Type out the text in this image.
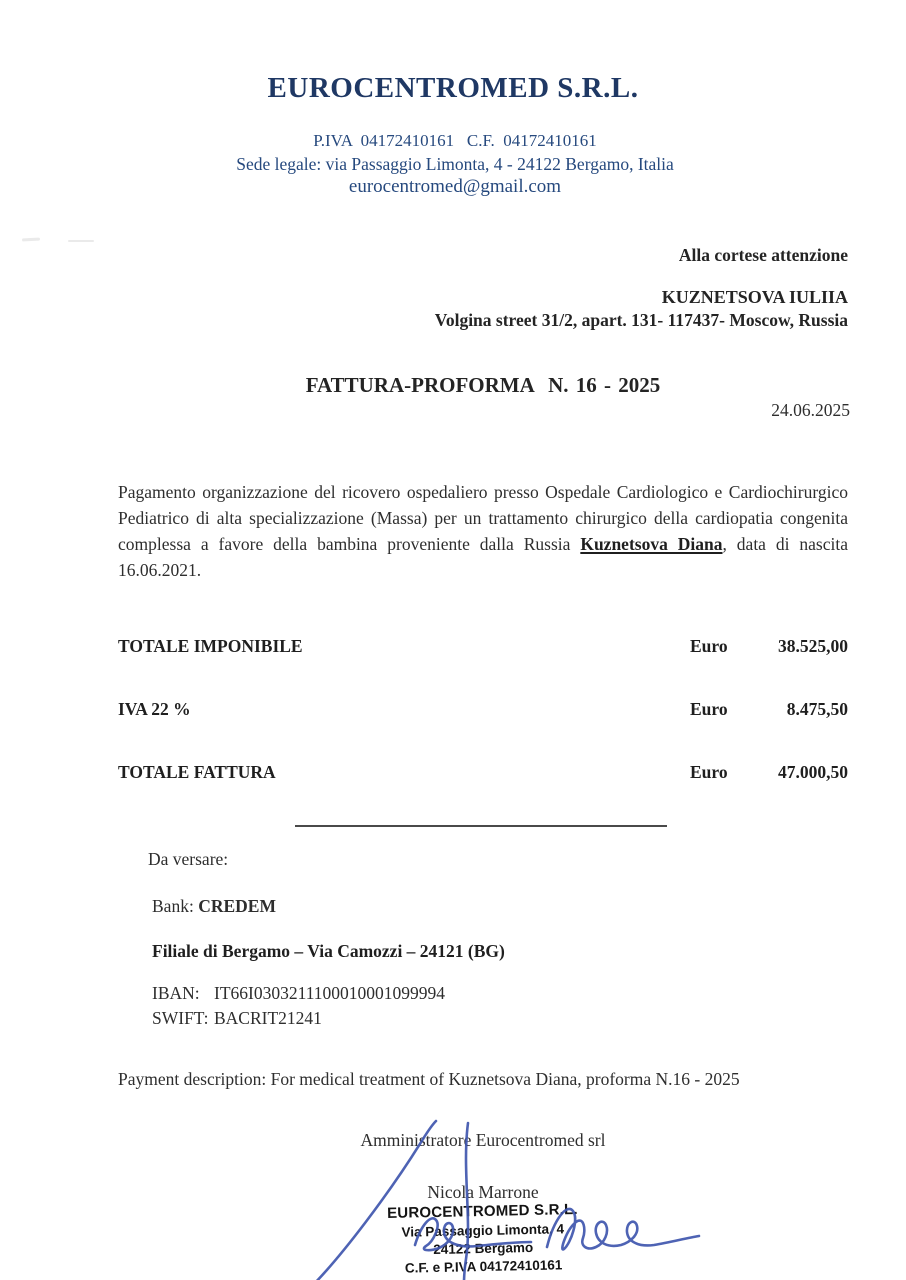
EUROCENTROMED S.R.L.
P.IVA  04172410161   C.F.  04172410161
Sede legale: via Passaggio Limonta, 4 - 24122 Bergamo, Italia
eurocentromed@gmail.com
Alla cortese attenzione
KUZNETSOVA IULIIA
Volgina street 31/2, apart. 131- 117437- Moscow, Russia
FATTURA-PROFORMA  N. 16 - 2025
24.06.2025

Pagamento organizzazione del ricovero ospedaliero presso Ospedale Cardiologico e Cardiochirurgico Pediatrico di alta specializzazione (Massa) per un trattamento chirurgico della cardiopatia congenita complessa a favore della bambina proveniente dalla Russia Kuznetsova Diana, data di nascita 16.06.2021.

TOTALE IMPONIBILE	Euro	38.525,00
IVA 22 %	Euro	8.475,50
TOTALE FATTURA	Euro	47.000,50
Da versare:
Bank: CREDEM
Filiale di Bergamo – Via Camozzi – 24121 (BG)
IBAN: IT66I0303211100010001099994
SWIFT: BACRIT21241
Payment description: For medical treatment of Kuznetsova Diana, proforma N.16 - 2025
Amministratore Eurocentromed srl
Nicola Marrone
EUROCENTROMED S.R.L.
Via Passaggio Limonta, 4
24122 Bergamo
C.F. e P.IVA 04172410161
